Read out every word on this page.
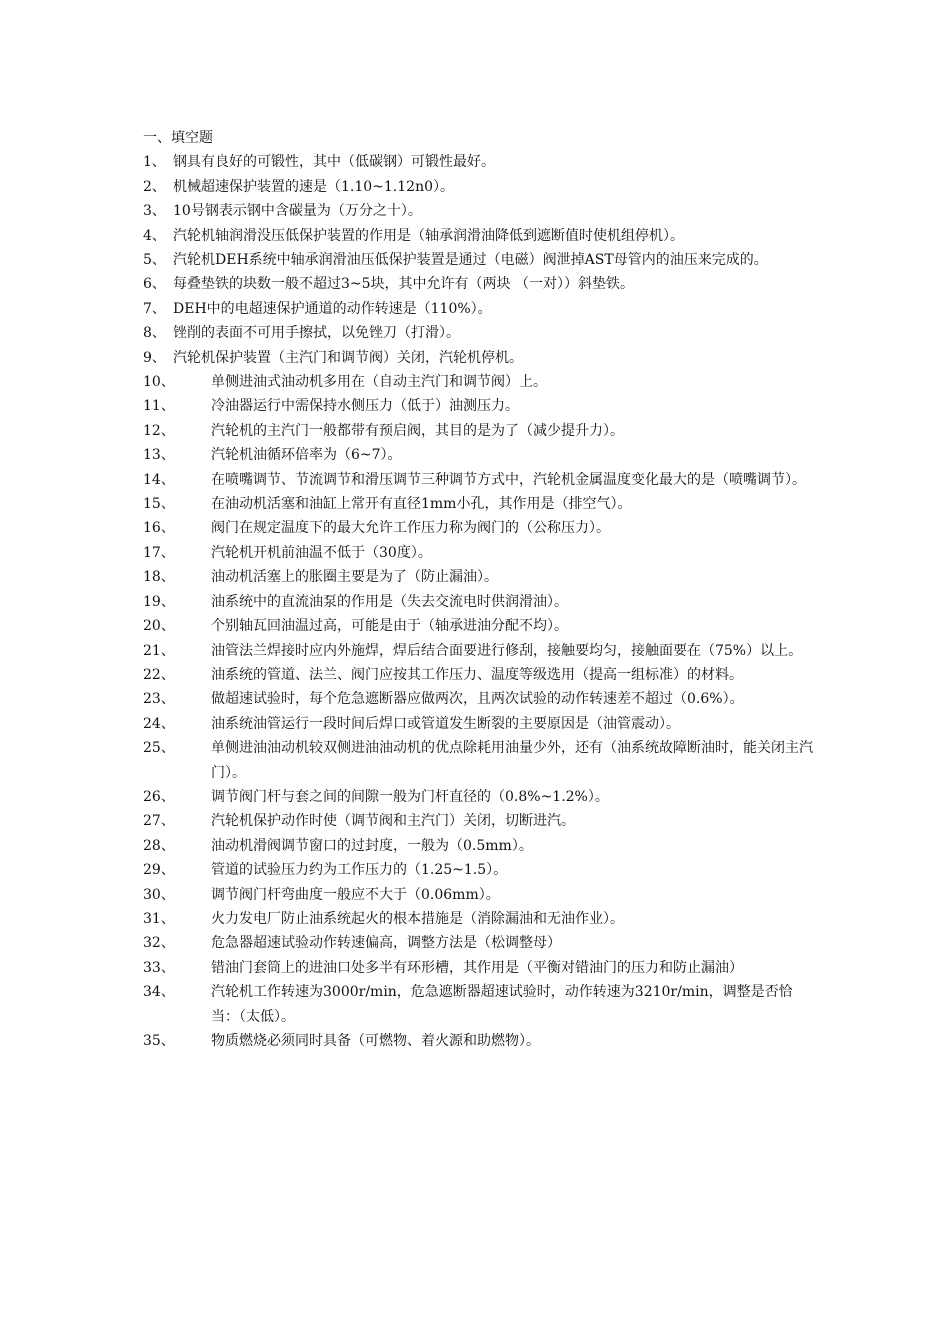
一、填空题
1、 钢具有良好的可锻性，其中（低碳钢）可锻性最好。
2、 机械超速保护装置的速是（1.10~1.12n0）。
3、 10号钢表示钢中含碳量为（万分之十）。
4、 汽轮机轴润滑没压低保护装置的作用是（轴承润滑油降低到遮断值时使机组停机）。
5、 汽轮机DEH系统中轴承润滑油压低保护装置是通过（电磁）阀泄掉AST母管内的油压来完成的。
6、 每叠垫铁的块数一般不超过3~5块，其中允许有（两块 （一对））斜垫铁。
7、 DEH中的电超速保护通道的动作转速是（110%）。
8、 锉削的表面不可用手擦拭，以免锉刀（打滑）。
9、 汽轮机保护装置（主汽门和调节阀）关闭，汽轮机停机。
10、	单侧进油式油动机多用在（自动主汽门和调节阀）上。
11、	冷油器运行中需保持水侧压力（低于）油测压力。
12、	汽轮机的主汽门一般都带有预启阀，其目的是为了（减少提升力）。
13、	汽轮机油循环倍率为（6~7）。
14、	在喷嘴调节、节流调节和滑压调节三种调节方式中，汽轮机金属温度变化最大的是（喷嘴调节）。
15、	在油动机活塞和油缸上常开有直径1mm小孔，其作用是（排空气）。
16、	阀门在规定温度下的最大允许工作压力称为阀门的（公称压力）。
17、	汽轮机开机前油温不低于（30度）。
18、	油动机活塞上的胀圈主要是为了（防止漏油）。
19、	油系统中的直流油泵的作用是（失去交流电时供润滑油）。
20、	个别轴瓦回油温过高，可能是由于（轴承进油分配不均）。
21、	油管法兰焊接时应内外施焊，焊后结合面要进行修刮，接触要均匀，接触面要在（75%）以上。
22、	油系统的管道、法兰、阀门应按其工作压力、温度等级选用（提高一组标准）的材料。
23、	做超速试验时，每个危急遮断器应做两次，且两次试验的动作转速差不超过（0.6%）。
24、	油系统油管运行一段时间后焊口或管道发生断裂的主要原因是（油管震动）。
25、	单侧进油油动机较双侧进油油动机的优点除耗用油量少外，还有（油系统故障断油时，能关闭主汽门）。
26、	调节阀门杆与套之间的间隙一般为门杆直径的（0.8%~1.2%）。
27、	汽轮机保护动作时使（调节阀和主汽门）关闭，切断进汽。
28、	油动机滑阀调节窗口的过封度，一般为（0.5mm）。
29、	管道的试验压力约为工作压力的（1.25~1.5）。
30、	调节阀门杆弯曲度一般应不大于（0.06mm）。
31、	火力发电厂防止油系统起火的根本措施是（消除漏油和无油作业）。
32、	危急器超速试验动作转速偏高，调整方法是（松调整母）
33、	错油门套筒上的进油口处多半有环形槽，其作用是（平衡对错油门的压力和防止漏油）
34、	汽轮机工作转速为3000r/min，危急遮断器超速试验时，动作转速为3210r/min，调整是否恰当：（太低）。
35、	物质燃烧必须同时具备（可燃物、着火源和助燃物）。
